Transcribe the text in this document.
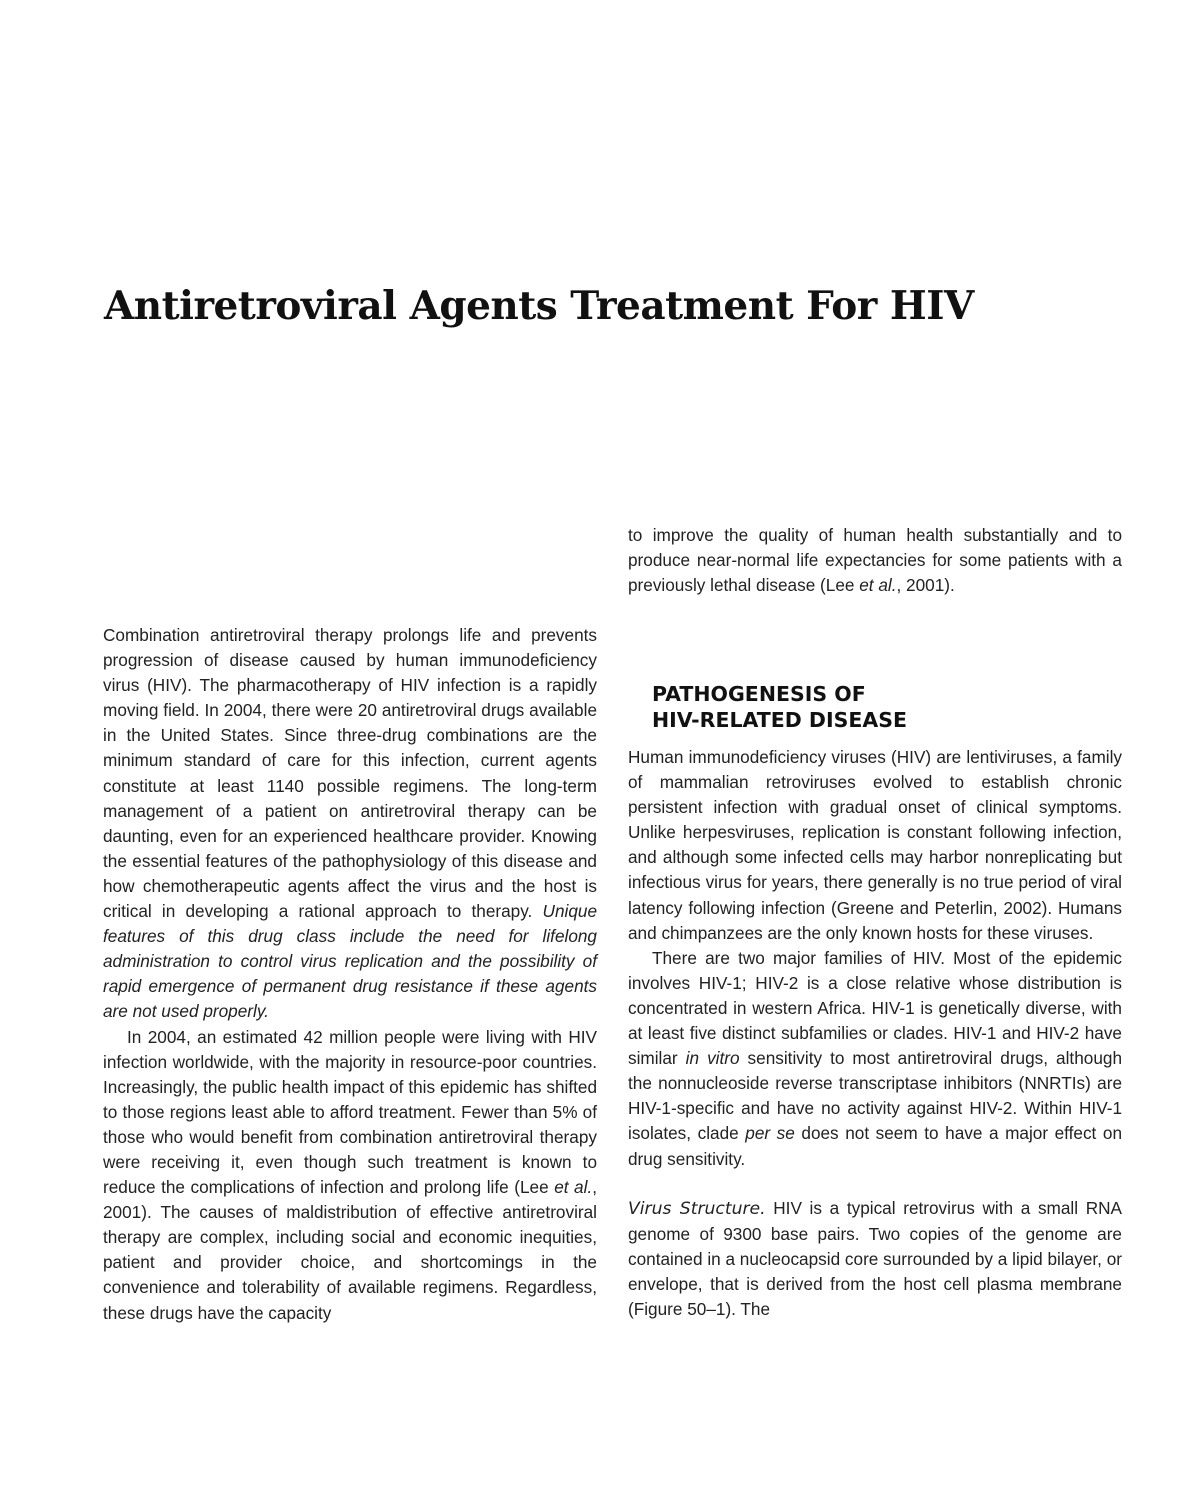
Antiretroviral Agents Treatment For HIV

Combination antiretroviral therapy prolongs life and prevents progression of disease caused by human immunodeficiency virus (HIV). The pharmacotherapy of HIV infection is a rapidly moving field. In 2004, there were 20 antiretroviral drugs available in the United States. Since three-drug combinations are the minimum standard of care for this infection, current agents constitute at least 1140 possible regimens. The long-term management of a patient on antiretroviral therapy can be daunting, even for an experienced healthcare provider. Knowing the essential features of the pathophysiology of this disease and how chemotherapeutic agents affect the virus and the host is critical in developing a rational approach to therapy. Unique features of this drug class include the need for lifelong administration to control virus replication and the possibility of rapid emergence of permanent drug resistance if these agents are not used properly.

In 2004, an estimated 42 million people were living with HIV infection worldwide, with the majority in resource-poor countries. Increasingly, the public health impact of this epidemic has shifted to those regions least able to afford treatment. Fewer than 5% of those who would benefit from combination antiretroviral therapy were receiving it, even though such treatment is known to reduce the complications of infection and prolong life (Lee et al., 2001). The causes of maldistribution of effective antiretroviral therapy are complex, including social and economic inequities, patient and provider choice, and shortcomings in the convenience and tolerability of available regimens. Regardless, these drugs have the capacity

to improve the quality of human health substantially and to produce near-normal life expectancies for some patients with a previously lethal disease (Lee et al., 2001).

PATHOGENESIS OF
HIV-RELATED DISEASE

Human immunodeficiency viruses (HIV) are lentiviruses, a family of mammalian retroviruses evolved to establish chronic persistent infection with gradual onset of clinical symptoms. Unlike herpesviruses, replication is constant following infection, and although some infected cells may harbor nonreplicating but infectious virus for years, there generally is no true period of viral latency following infection (Greene and Peterlin, 2002). Humans and chimpanzees are the only known hosts for these viruses.

There are two major families of HIV. Most of the epidemic involves HIV-1; HIV-2 is a close relative whose distribution is concentrated in western Africa. HIV-1 is genetically diverse, with at least five distinct subfamilies or clades. HIV-1 and HIV-2 have similar in vitro sensitivity to most antiretroviral drugs, although the nonnucleoside reverse transcriptase inhibitors (NNRTIs) are HIV-1-specific and have no activity against HIV-2. Within HIV-1 isolates, clade per se does not seem to have a major effect on drug sensitivity.

Virus Structure. HIV is a typical retrovirus with a small RNA genome of 9300 base pairs. Two copies of the genome are contained in a nucleocapsid core surrounded by a lipid bilayer, or envelope, that is derived from the host cell plasma membrane (Figure 50–1). The
